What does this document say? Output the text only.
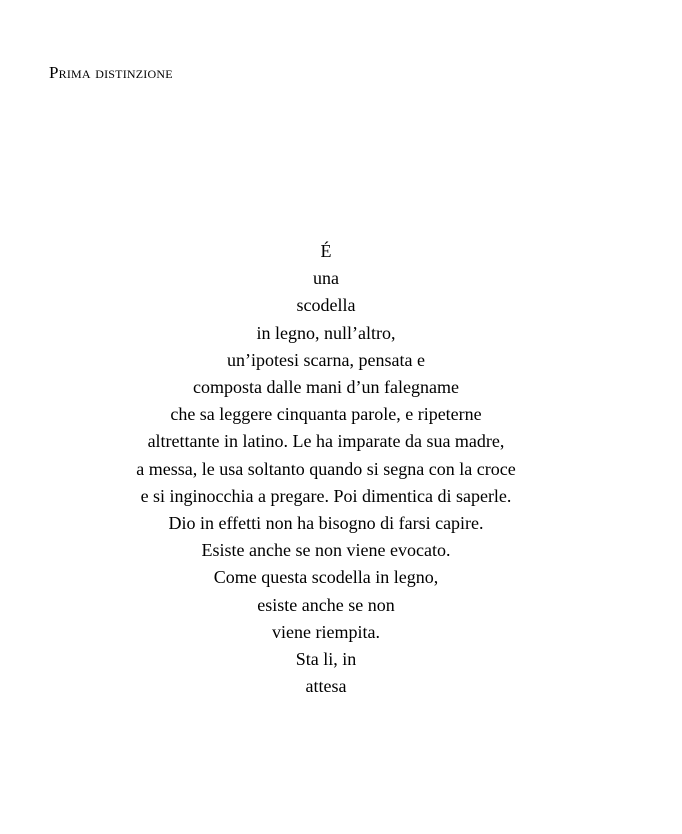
Prima distinzione
É
una
scodella
in legno, null’altro,
un’ipotesi scarna, pensata e
composta dalle mani d’un falegname
che sa leggere cinquanta parole, e ripeterne
altrettante in latino. Le ha imparate da sua madre,
a messa, le usa soltanto quando si segna con la croce
e si inginocchia a pregare. Poi dimentica di saperle.
Dio in effetti non ha bisogno di farsi capire.
Esiste anche se non viene evocato.
Come questa scodella in legno,
esiste anche se non
viene riempita.
Sta li, in
attesa
